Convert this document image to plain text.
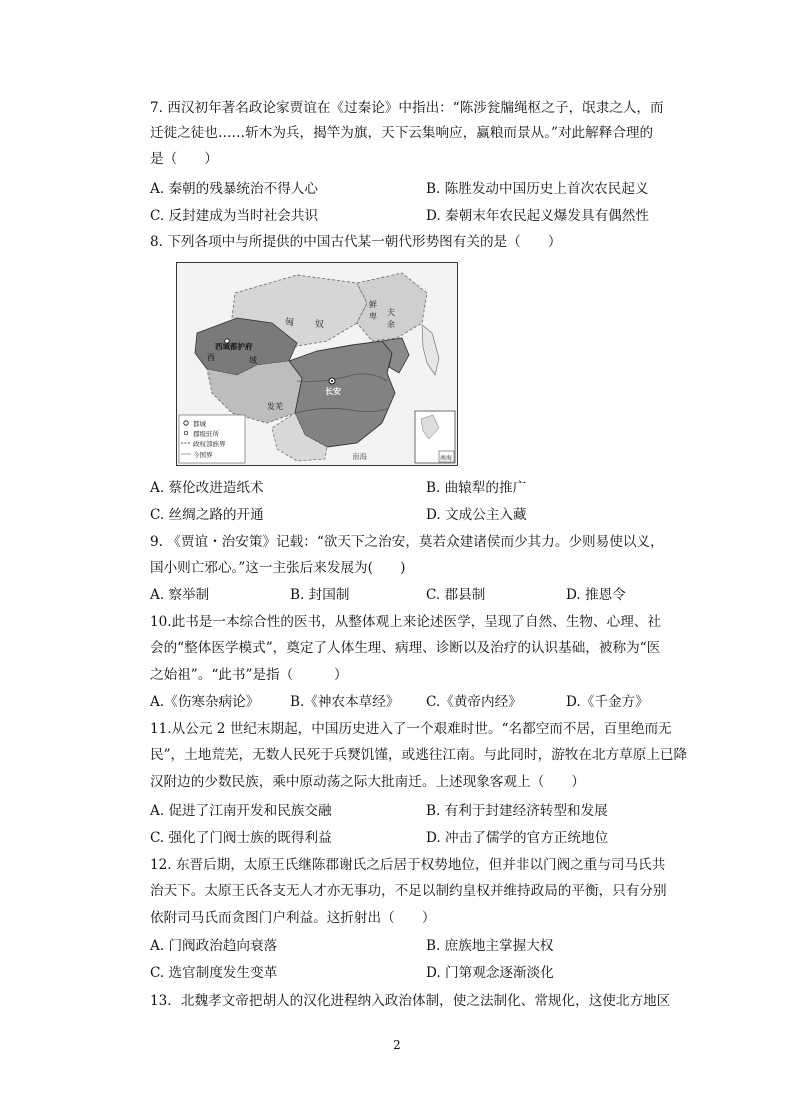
7. 西汉初年著名政论家贾谊在《过秦论》中指出：“陈涉瓮牖绳枢之子，氓隶之人，而
迁徙之徒也……斩木为兵，揭竿为旗，天下云集响应，赢粮而景从。”对此解释合理的
是（　　）
A. 秦朝的残暴统治不得人心	B. 陈胜发动中国历史上首次农民起义
C. 反封建成为当时社会共识	D. 秦朝末年农民起义爆发具有偶然性
8. 下列各项中与所提供的中国古代某一朝代形势图有关的是（　　）
匈 奴
鲜
卑 夫
余
西域都护府
西	域
长安
发羌
南海
都城
郡级驻所
政权部族界
今国界	南海
A. 蔡伦改进造纸术	B. 曲辕犁的推广
C. 丝绸之路的开通	D. 文成公主入藏
9. 《贾谊・治安策》记载：“欲天下之治安，莫若众建诸侯而少其力。少则易使以义，
国小则亡邪心。”这一主张后来发展为(　　)
A. 察举制	B. 封国制	C. 郡县制	D. 推恩令
10.此书是一本综合性的医书，从整体观上来论述医学，呈现了自然、生物、心理、社
会的“整体医学模式”，奠定了人体生理、病理、诊断以及治疗的认识基础，被称为“医
之始祖”。“此书”是指（　　　）
A.《伤寒杂病论》 B.《神农本草经》 C.《黄帝内经》	D.《千金方》
11.从公元 2 世纪末期起，中国历史进入了一个艰难时世。“名都空而不居，百里绝而无
民”，土地荒芜，无数人民死于兵燹饥馑，或逃往江南。与此同时，游牧在北方草原上已降
汉附边的少数民族，乘中原动荡之际大批南迁。上述现象客观上（　　）
A. 促进了江南开发和民族交融	B. 有利于封建经济转型和发展
C. 强化了门阀士族的既得利益	D. 冲击了儒学的官方正统地位
12. 东晋后期，太原王氏继陈郡谢氏之后居于权势地位，但并非以门阀之重与司马氏共
治天下。太原王氏各支无人才亦无事功，不足以制约皇权并维持政局的平衡，只有分别
依附司马氏而贪图门户利益。这折射出（　　）
A. 门阀政治趋向衰落	B. 庶族地主掌握大权
C. 选官制度发生变革	D. 门第观念逐渐淡化
13．北魏孝文帝把胡人的汉化进程纳入政治体制，使之法制化、常规化，这使北方地区
2
